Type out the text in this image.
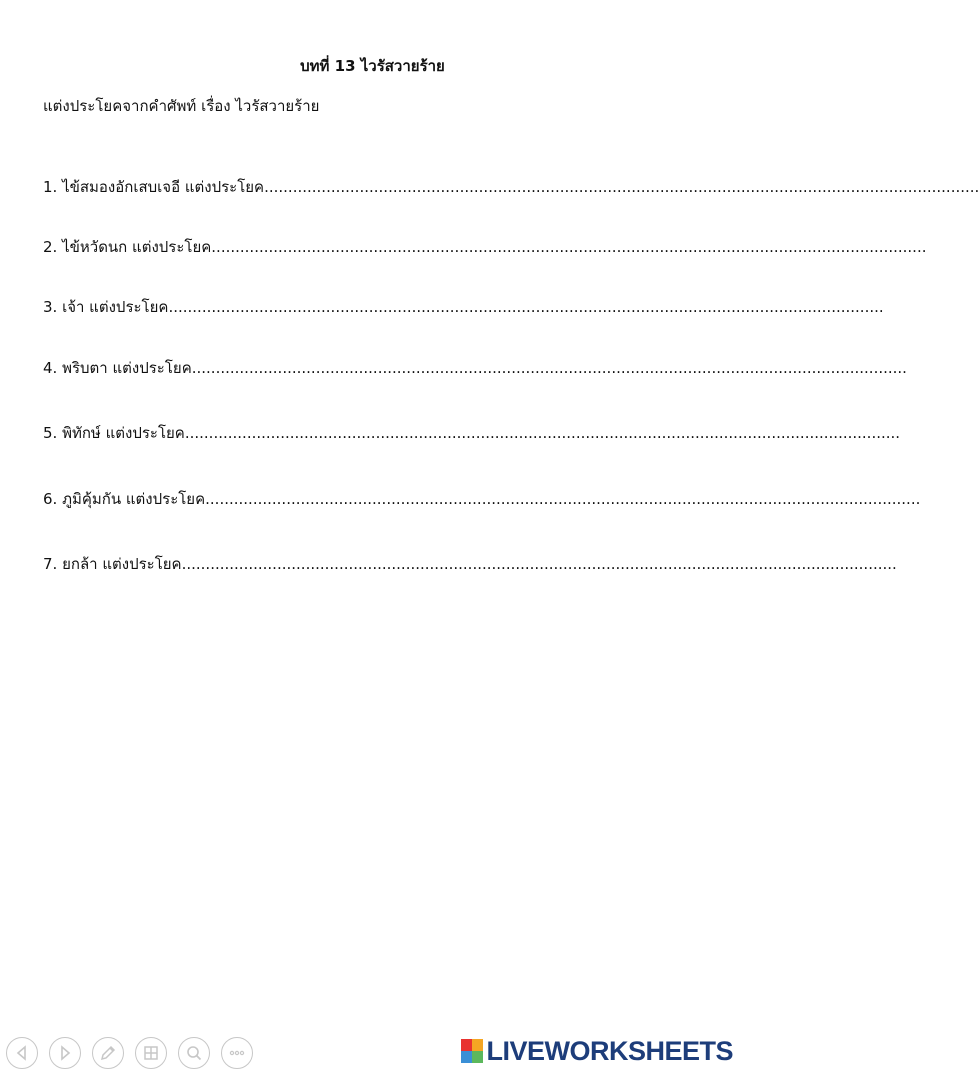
บทที่ 13 ไวรัสวายร้าย
แต่งประโยคจากคำศัพท์ เรื่อง ไวรัสวายร้าย
1. ไข้สมองอักเสบเจอี แต่งประโยค ......................................................................................................................................................
2. ไข้หวัดนก แต่งประโยค ......................................................................................................................................................
3. เจ้า แต่งประโยค ......................................................................................................................................................
4. พริบตา แต่งประโยค ......................................................................................................................................................
5. พิทักษ์ แต่งประโยค ......................................................................................................................................................
6. ภูมิคุ้มกัน แต่งประโยค ......................................................................................................................................................
7. ยกล้า แต่งประโยค ......................................................................................................................................................
LIVEWORKSHEETS
